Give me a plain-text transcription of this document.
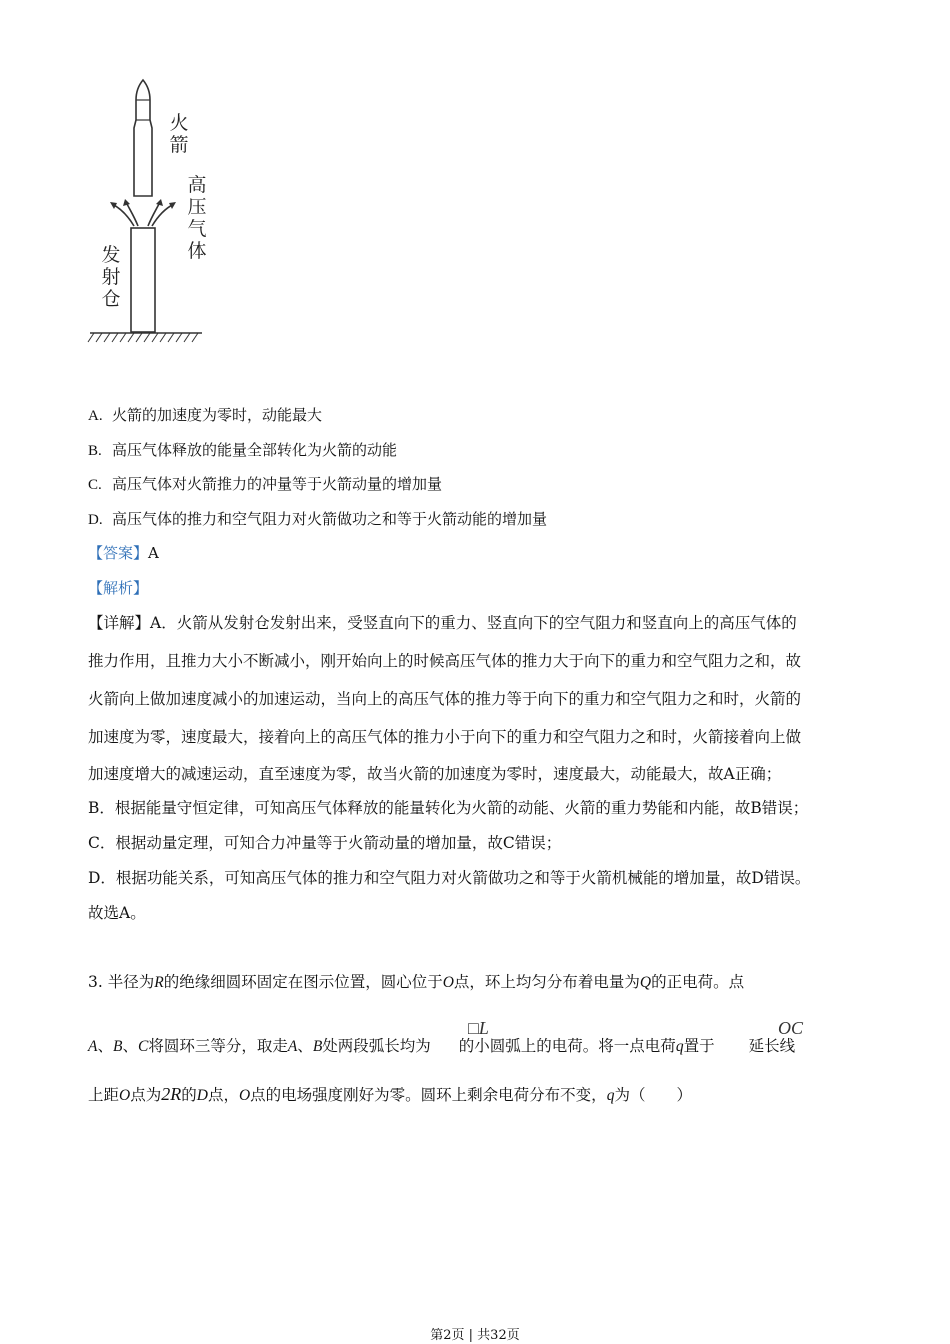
火箭
高压气体
发射仓
A. 火箭的加速度为零时，动能最大
B. 高压气体释放的能量全部转化为火箭的动能
C. 高压气体对火箭推力的冲量等于火箭动量的增加量
D. 高压气体的推力和空气阻力对火箭做功之和等于火箭动能的增加量
【答案】A
【解析】
【详解】A．火箭从发射仓发射出来，受竖直向下的重力、竖直向下的空气阻力和竖直向上的高压气体的
推力作用，且推力大小不断减小，刚开始向上的时候高压气体的推力大于向下的重力和空气阻力之和，故
火箭向上做加速度减小的加速运动，当向上的高压气体的推力等于向下的重力和空气阻力之和时，火箭的
加速度为零，速度最大，接着向上的高压气体的推力小于向下的重力和空气阻力之和时，火箭接着向上做
加速度增大的减速运动，直至速度为零，故当火箭的加速度为零时，速度最大，动能最大，故A正确；
B．根据能量守恒定律，可知高压气体释放的能量转化为火箭的动能、火箭的重力势能和内能，故B错误；
C．根据动量定理，可知合力冲量等于火箭动量的增加量，故C错误；
D．根据功能关系，可知高压气体的推力和空气阻力对火箭做功之和等于火箭机械能的增加量，故D错误。
故选A。
3. 半径为R的绝缘细圆环固定在图示位置，圆心位于O点，环上均匀分布着电量为Q的正电荷。点
□L	OC
A、B、C将圆环三等分，取走A、B处两段弧长均为 的小圆弧上的电荷。将一点电荷q置于 延长线
上距O点为2R的D点，O点的电场强度刚好为零。圆环上剩余电荷分布不变，q为（　　）
第2页 | 共32页
